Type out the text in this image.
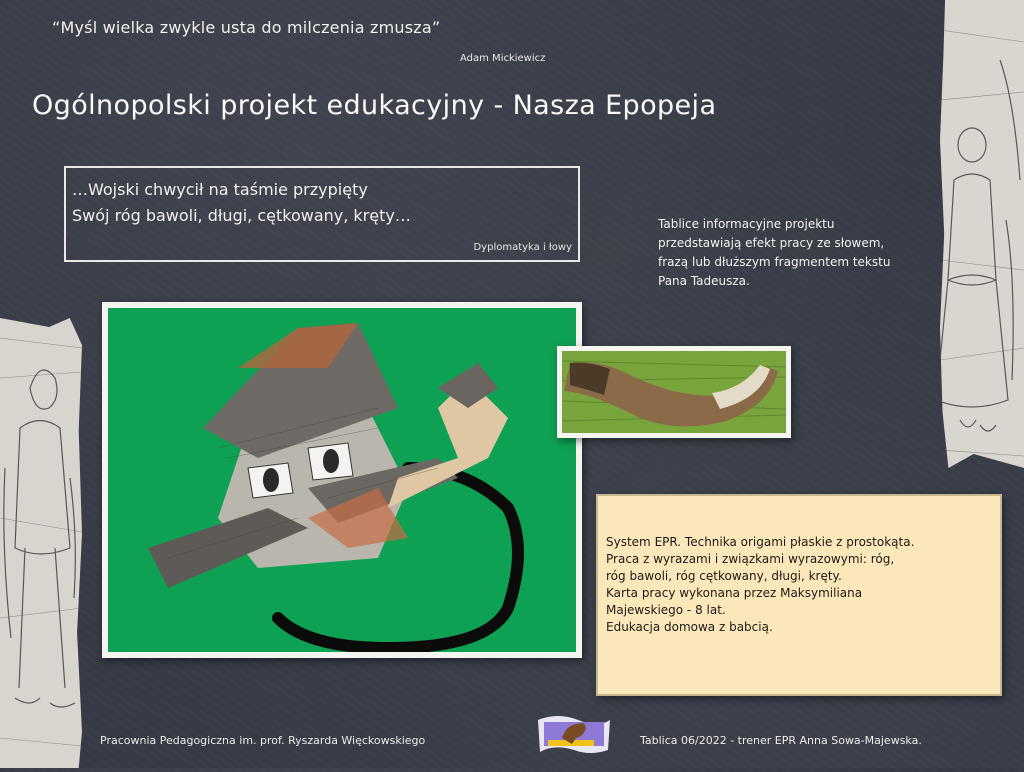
“Myśl wielka zwykle usta do milczenia zmusza”
Adam Mickiewicz
Ogólnopolski projekt edukacyjny - Nasza Epopeja
…Wojski chwycił na taśmie przypięty
Swój róg bawoli, długi, cętkowany, kręty…
Dyplomatyka i łowy
Tablice informacyjne projektu przedstawiają efekt pracy ze słowem, frazą lub dłuższym fragmentem tekstu Pana Tadeusza.
System EPR. Technika origami płaskie z prostokąta.
Praca z wyrazami i związkami wyrazowymi: róg,
róg bawoli, róg cętkowany, długi, kręty.
Karta pracy wykonana przez Maksymiliana
Majewskiego - 8 lat.
Edukacja domowa z babcią.
Pracownia Pedagogiczna im. prof. Ryszarda Więckowskiego	Tablica 06/2022 - trener EPR Anna Sowa-Majewska.
